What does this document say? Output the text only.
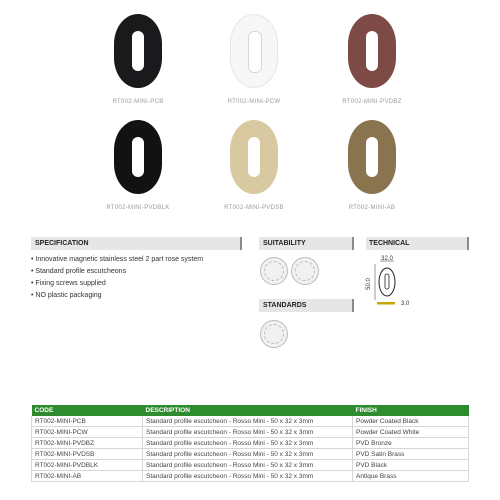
RT002-MINI-PCB	RT002-MINI-PCW	RT002-MINI-PVDBZ
RT002-MINI-PVDBLK	RT002-MINI-PVDSB	RT002-MINI-AB
SPECIFICATION	SUITABILITY
STANDARDS
TECHNICAL
• Innovative magnetic stainless steel 2 part rose system
• Standard profile escutcheons
• Fixing screws supplied
• NO plastic packaging
32.0
50.0
3.0
CODE	DESCRIPTION	FINISH
RT002-MINI-PCB	Standard profile escutcheon - Rosso Mini - 50 x 32 x 3mm	Powder Coated Black
RT002-MINI-PCW	Standard profile escutcheon - Rosso Mini - 50 x 32 x 3mm	Powder Coated White
RT002-MINI-PVDBZ	Standard profile escutcheon - Rosso Mini - 50 x 32 x 3mm	PVD Bronze
RT002-MINI-PVDSB	Standard profile escutcheon - Rosso Mini - 50 x 32 x 3mm	PVD Satin Brass
RT002-MINI-PVDBLK	Standard profile escutcheon - Rosso Mini - 50 x 32 x 3mm	PVD Black
RT002-MINI-AB	Standard profile escutcheon - Rosso Mini - 50 x 32 x 3mm	Antique Brass
